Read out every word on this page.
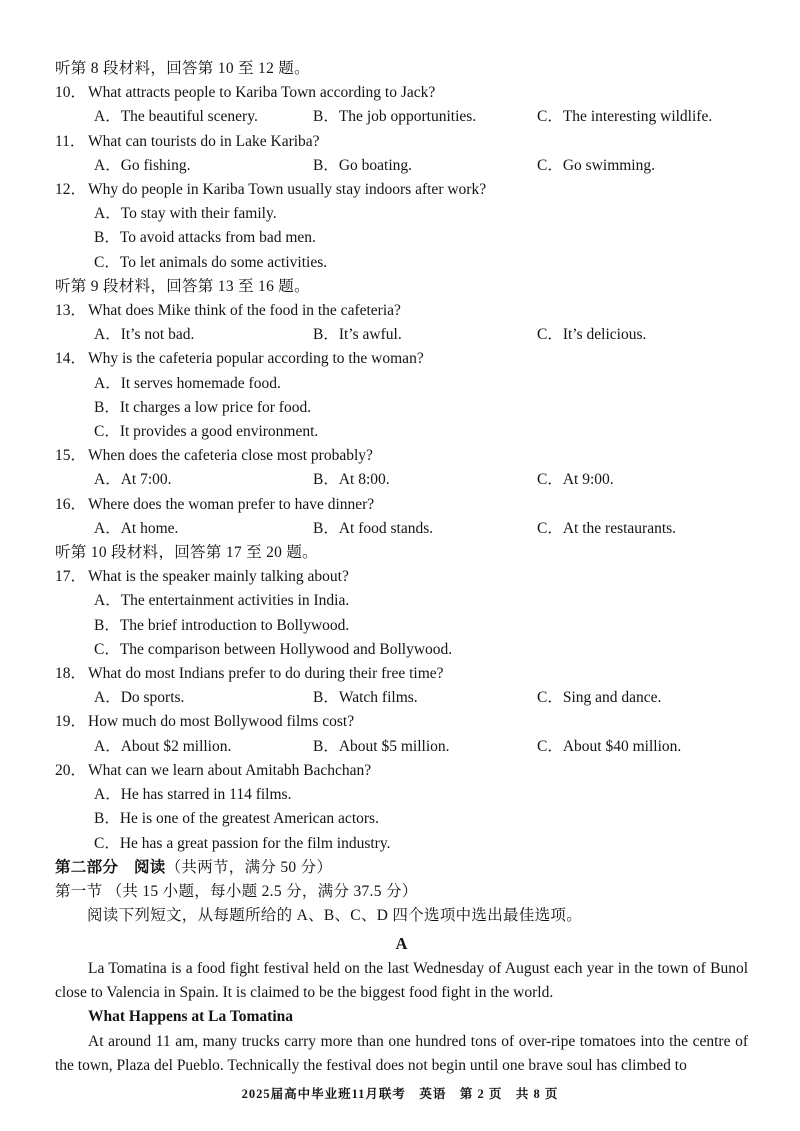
听第 8 段材料，回答第 10 至 12 题。
10． What attracts people to Kariba Town according to Jack?
A．The beautiful scenery.	B．The job opportunities.	C．The interesting wildlife.
11． What can tourists do in Lake Kariba?
A．Go fishing.	B．Go boating.	C．Go swimming.
12． Why do people in Kariba Town usually stay indoors after work?
A．To stay with their family.
B．To avoid attacks from bad men.
C．To let animals do some activities.
听第 9 段材料，回答第 13 至 16 题。
13． What does Mike think of the food in the cafeteria?
A．It’s not bad.	B．It’s awful.	C．It’s delicious.
14． Why is the cafeteria popular according to the woman?
A．It serves homemade food.
B．It charges a low price for food.
C．It provides a good environment.
15． When does the cafeteria close most probably?
A．At 7:00.	B．At 8:00.	C．At 9:00.
16． Where does the woman prefer to have dinner?
A．At home.	B．At food stands.	C．At the restaurants.
听第 10 段材料，回答第 17 至 20 题。
17． What is the speaker mainly talking about?
A．The entertainment activities in India.
B．The brief introduction to Bollywood.
C．The comparison between Hollywood and Bollywood.
18． What do most Indians prefer to do during their free time?
A．Do sports.	B．Watch films.	C．Sing and dance.
19． How much do most Bollywood films cost?
A．About $2 million.	B．About $5 million.	C．About $40 million.
20． What can we learn about Amitabh Bachchan?
A．He has starred in 114 films.
B．He is one of the greatest American actors.
C．He has a great passion for the film industry.
第二部分　阅读（共两节，满分 50 分）
第一节 （共 15 小题，每小题 2.5 分，满分 37.5 分）
阅读下列短文，从每题所给的 A、B、C、D 四个选项中选出最佳选项。
A

La Tomatina is a food fight festival held on the last Wednesday of August each year in the town of Bunol close to Valencia in Spain. It is claimed to be the biggest food fight in the world.

What Happens at La Tomatina

At around 11 am, many trucks carry more than one hundred tons of over-ripe tomatoes into the centre of the town, Plaza del Pueblo. Technically the festival does not begin until one brave soul has climbed to

2025届高中毕业班11月联考　英语　第 2 页　共 8 页
